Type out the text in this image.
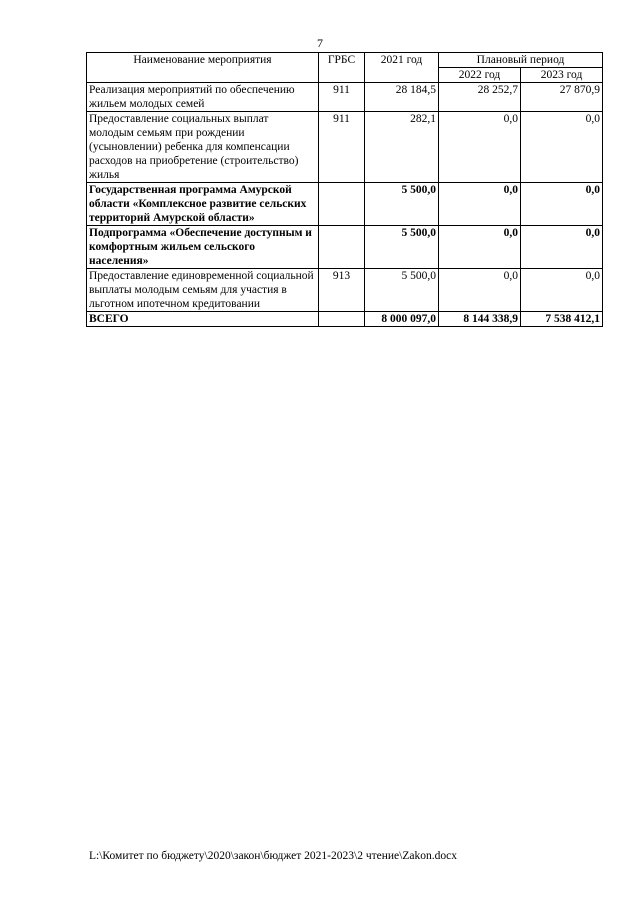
7
Наименование мероприятия	ГРБС	2021 год	Плановый период	
			2022 год	2023 год
Реализация мероприятий по обеспечению жильем молодых семей	911	28 184,5	28 252,7	27 870,9
Предоставление социальных выплат молодым семьям при рождении (усыновлении) ребенка для компенсации расходов на приобретение (строительство) жилья	911	282,1	0,0	0,0
Государственная программа Амурской области «Комплексное развитие сельских территорий Амурской области»		5 500,0	0,0	0,0
Подпрограмма «Обеспечение доступным и комфортным жильем сельского населения»		5 500,0	0,0	0,0
Предоставление единовременной социальной выплаты молодым семьям для участия в льготном ипотечном кредитовании	913	5 500,0	0,0	0,0
ВСЕГО		8 000 097,0	8 144 338,9	7 538 412,1
L:\Комитет по бюджету\2020\закон\бюджет 2021-2023\2 чтение\Zakon.docx
